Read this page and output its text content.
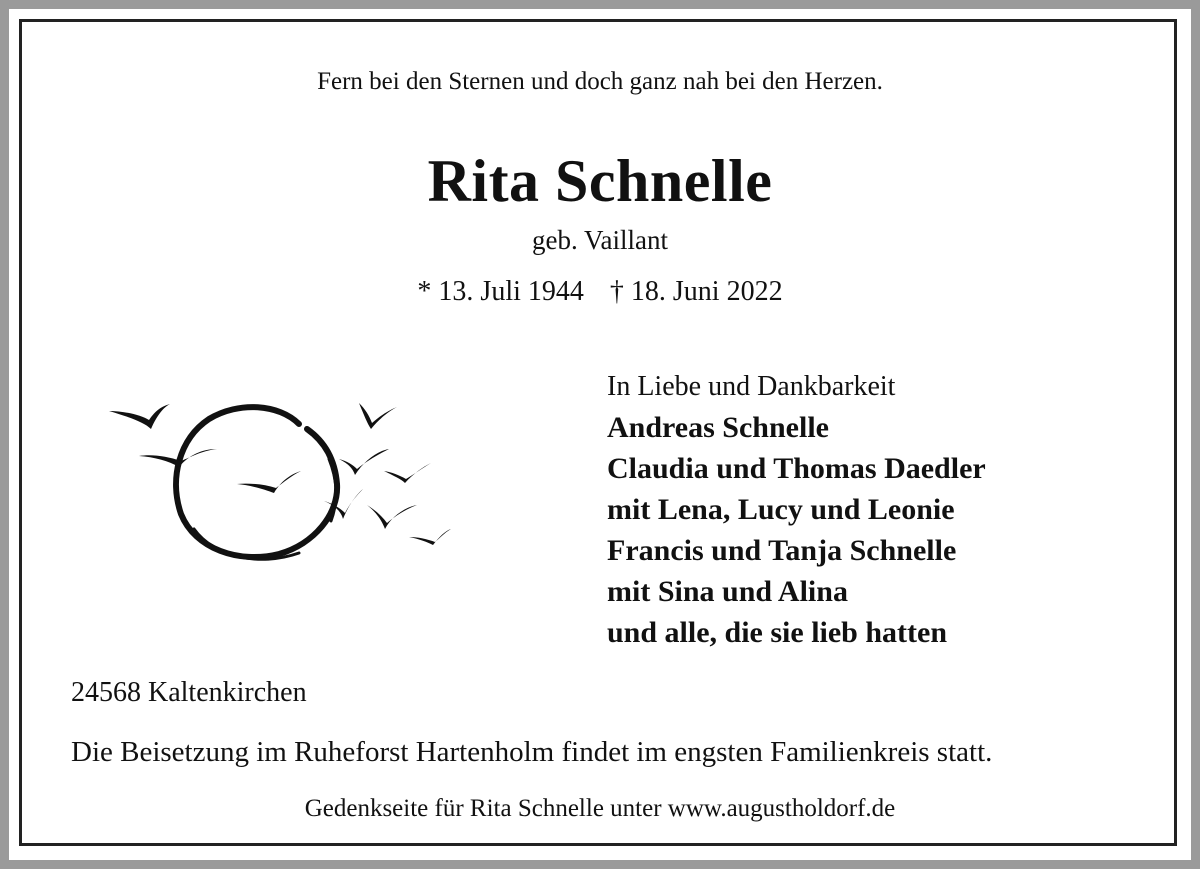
Fern bei den Sternen und doch ganz nah bei den Herzen.
Rita Schnelle
geb. Vaillant
* 13. Juli 1944 † 18. Juni 2022
In Liebe und Dankbarkeit
Andreas Schnelle
Claudia und Thomas Daedler
mit Lena, Lucy und Leonie
Francis und Tanja Schnelle
mit Sina und Alina
und alle, die sie lieb hatten
24568 Kaltenkirchen
Die Beisetzung im Ruheforst Hartenholm findet im engsten Familienkreis statt.
Gedenkseite für Rita Schnelle unter www.augustholdorf.de
